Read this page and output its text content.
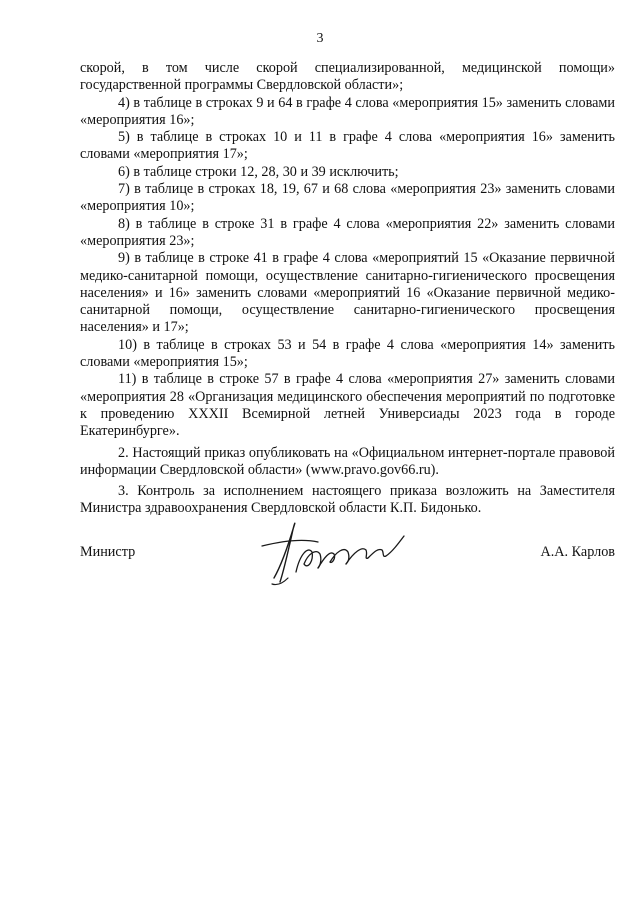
3

скорой, в том числе скорой специализированной, медицинской помощи» государственной программы Свердловской области»;

4) в таблице в строках 9 и 64 в графе 4 слова «мероприятия 15» заменить словами «мероприятия 16»;

5) в таблице в строках 10 и 11 в графе 4 слова «мероприятия 16» заменить словами «мероприятия 17»;

6) в таблице строки 12, 28, 30 и 39 исключить;

7) в таблице в строках 18, 19, 67 и 68 слова «мероприятия 23» заменить словами «мероприятия 10»;

8) в таблице в строке 31 в графе 4 слова «мероприятия 22» заменить словами «мероприятия 23»;

9) в таблице в строке 41 в графе 4 слова «мероприятий 15 «Оказание первичной медико-санитарной помощи, осуществление санитарно-гигиенического просвещения населения» и 16» заменить словами «мероприятий 16 «Оказание первичной медико-санитарной помощи, осуществление санитарно-гигиенического просвещения населения» и 17»;

10) в таблице в строках 53 и 54 в графе 4 слова «мероприятия 14» заменить словами «мероприятия 15»;

11) в таблице в строке 57 в графе 4 слова «мероприятия 27» заменить словами «мероприятия 28 «Организация медицинского обеспечения мероприятий по подготовке к проведению XXXII Всемирной летней Универсиады 2023 года в городе Екатеринбурге».

2. Настоящий приказ опубликовать на «Официальном интернет-портале правовой информации Свердловской области» (www.pravo.gov66.ru).

3. Контроль за исполнением настоящего приказа возложить на Заместителя Министра здравоохранения Свердловской области К.П. Бидонько.

Министр	А.А. Карлов
